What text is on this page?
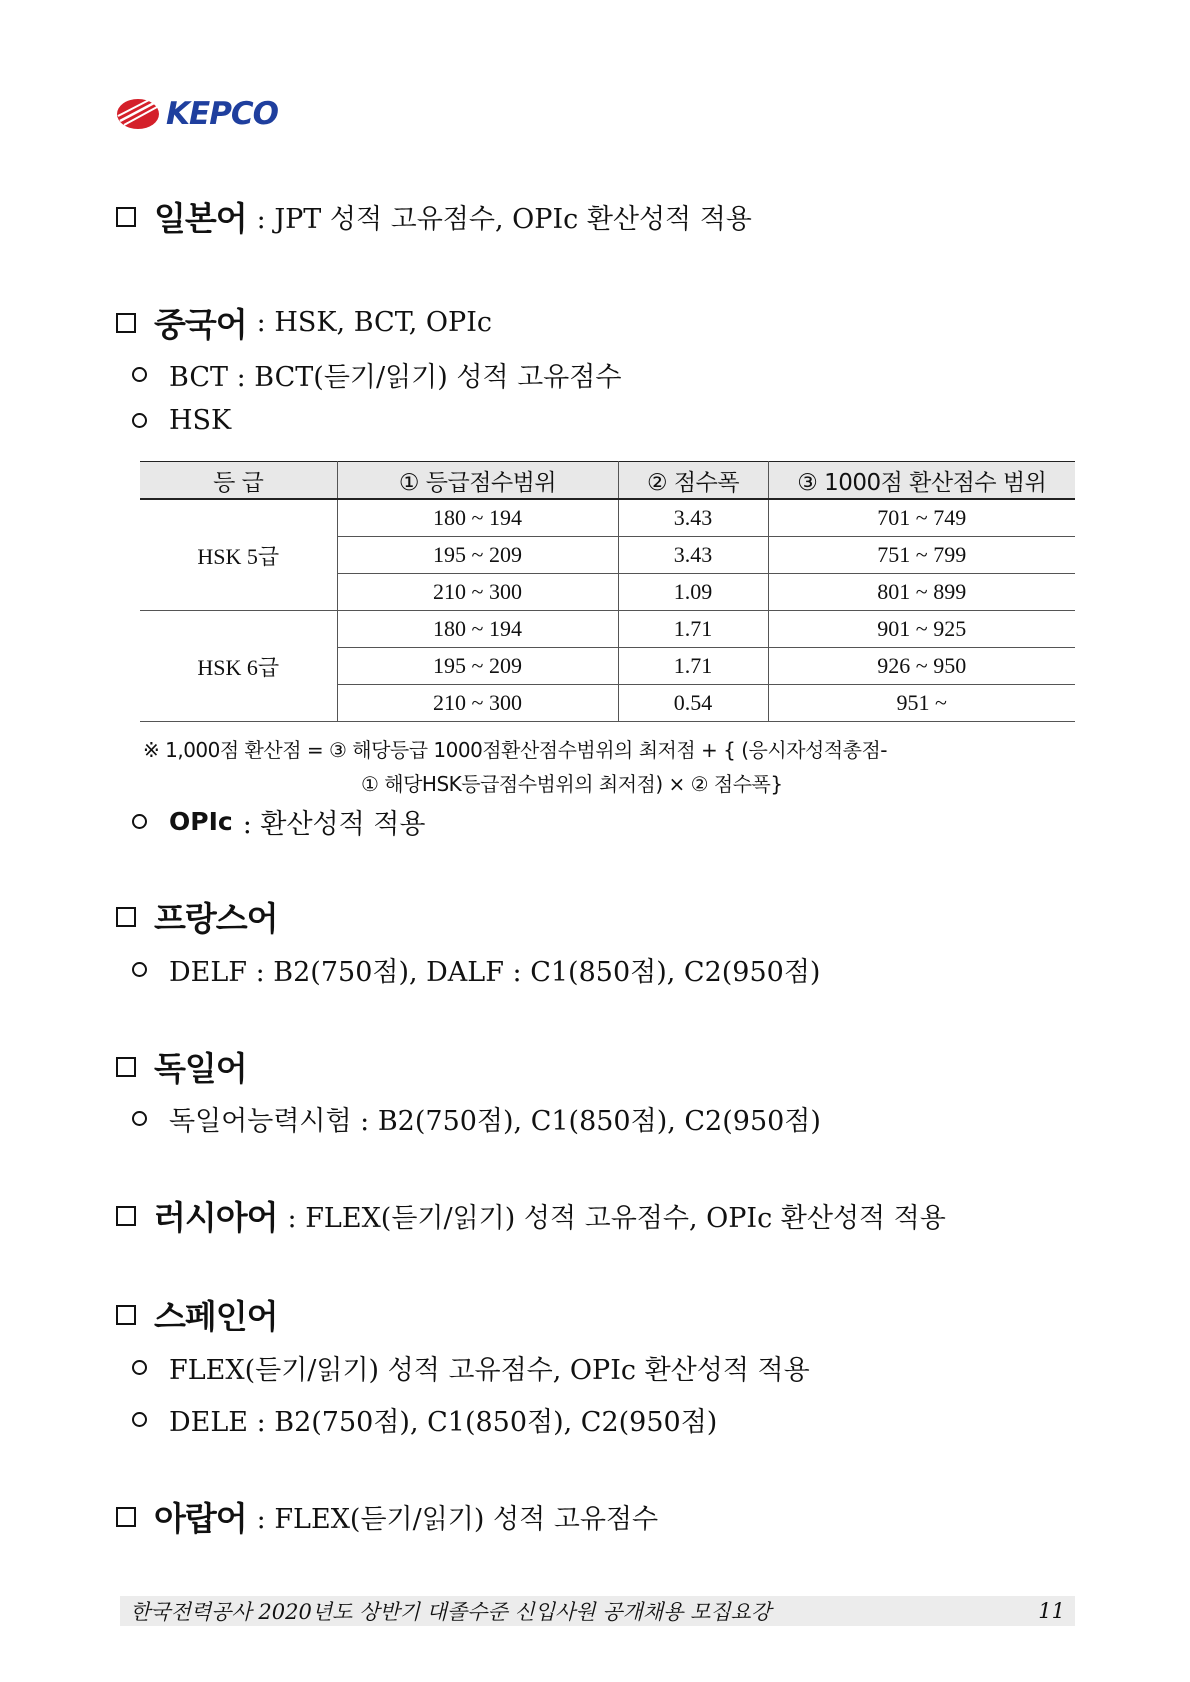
KEPCO
일본어 : JPT 성적 고유점수, OPIc 환산성적 적용
중국어 : HSK, BCT, OPIc
BCT : BCT(듣기/읽기) 성적 고유점수
HSK
등 급	① 등급점수범위	② 점수폭	③ 1000점 환산점수 범위
HSK 5급	180 ~ 194	3.43	701 ~ 749
	195 ~ 209	3.43	751 ~ 799
	210 ~ 300	1.09	801 ~ 899
HSK 6급	180 ~ 194	1.71	901 ~ 925
	195 ~ 209	1.71	926 ~ 950
	210 ~ 300	0.54	951 ~
※ 1,000점 환산점 = ③ 해당등급 1000점환산점수범위의 최저점 + { (응시자성적총점-
① 해당HSK등급점수범위의 최저점) × ② 점수폭}
OPIc : 환산성적 적용
프랑스어
DELF : B2(750점), DALF : C1(850점), C2(950점)
독일어
독일어능력시험 : B2(750점), C1(850점), C2(950점)
러시아어 : FLEX(듣기/읽기) 성적 고유점수, OPIc 환산성적 적용
스페인어
FLEX(듣기/읽기) 성적 고유점수, OPIc 환산성적 적용
DELE : B2(750점), C1(850점), C2(950점)
아랍어 : FLEX(듣기/읽기) 성적 고유점수
한국전력공사 2020년도 상반기 대졸수준 신입사원 공개채용 모집요강	11
